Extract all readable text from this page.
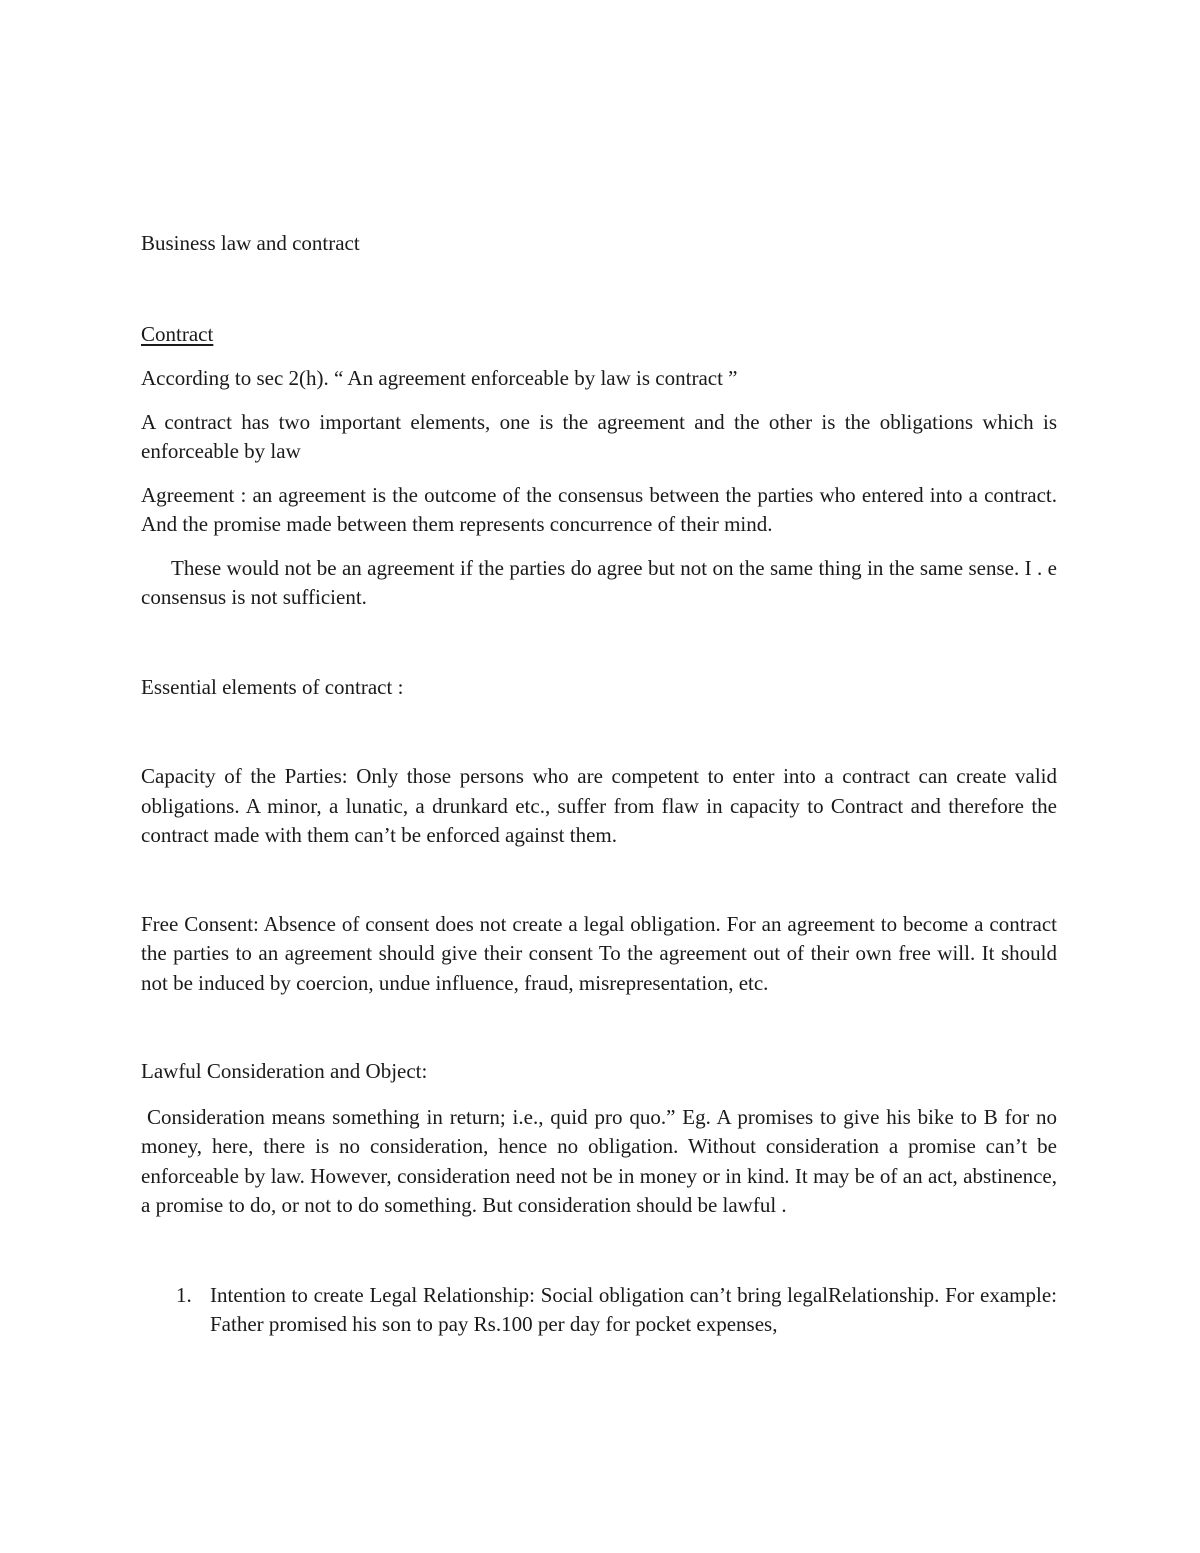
Business law and contract

Contract

According to sec 2(h). “ An agreement enforceable by law is contract ”

A contract has two important elements, one is the agreement and the other is the obligations which is enforceable by law

Agreement : an agreement is the outcome of the consensus between the parties who entered into a contract. And the promise made between them represents concurrence of their mind.

These would not be an agreement if the parties do agree but not on the same thing in the same sense. I . e consensus is not sufficient.

Essential elements of contract :

Capacity of the Parties: Only those persons who are competent to enter into a contract can create valid obligations. A minor, a lunatic, a drunkard etc., suffer from flaw in capacity to Contract and therefore the contract made with them can’t be enforced against them.

Free Consent: Absence of consent does not create a legal obligation. For an agreement to become a contract the parties to an agreement should give their consent To the agreement out of their own free will. It should not be induced by coercion, undue influence, fraud, misrepresentation, etc.

Lawful Consideration and Object:

Consideration means something in return; i.e., quid pro quo.” Eg. A promises to give his bike to B for no money, here, there is no consideration, hence no obligation. Without consideration a promise can’t be enforceable by law. However, consideration need not be in money or in kind. It may be of an act, abstinence, a promise to do, or not to do something. But consideration should be lawful .

1. Intention to create Legal Relationship: Social obligation can’t bring legalRelationship. For example: Father promised his son to pay Rs.100 per day for pocket expenses,
